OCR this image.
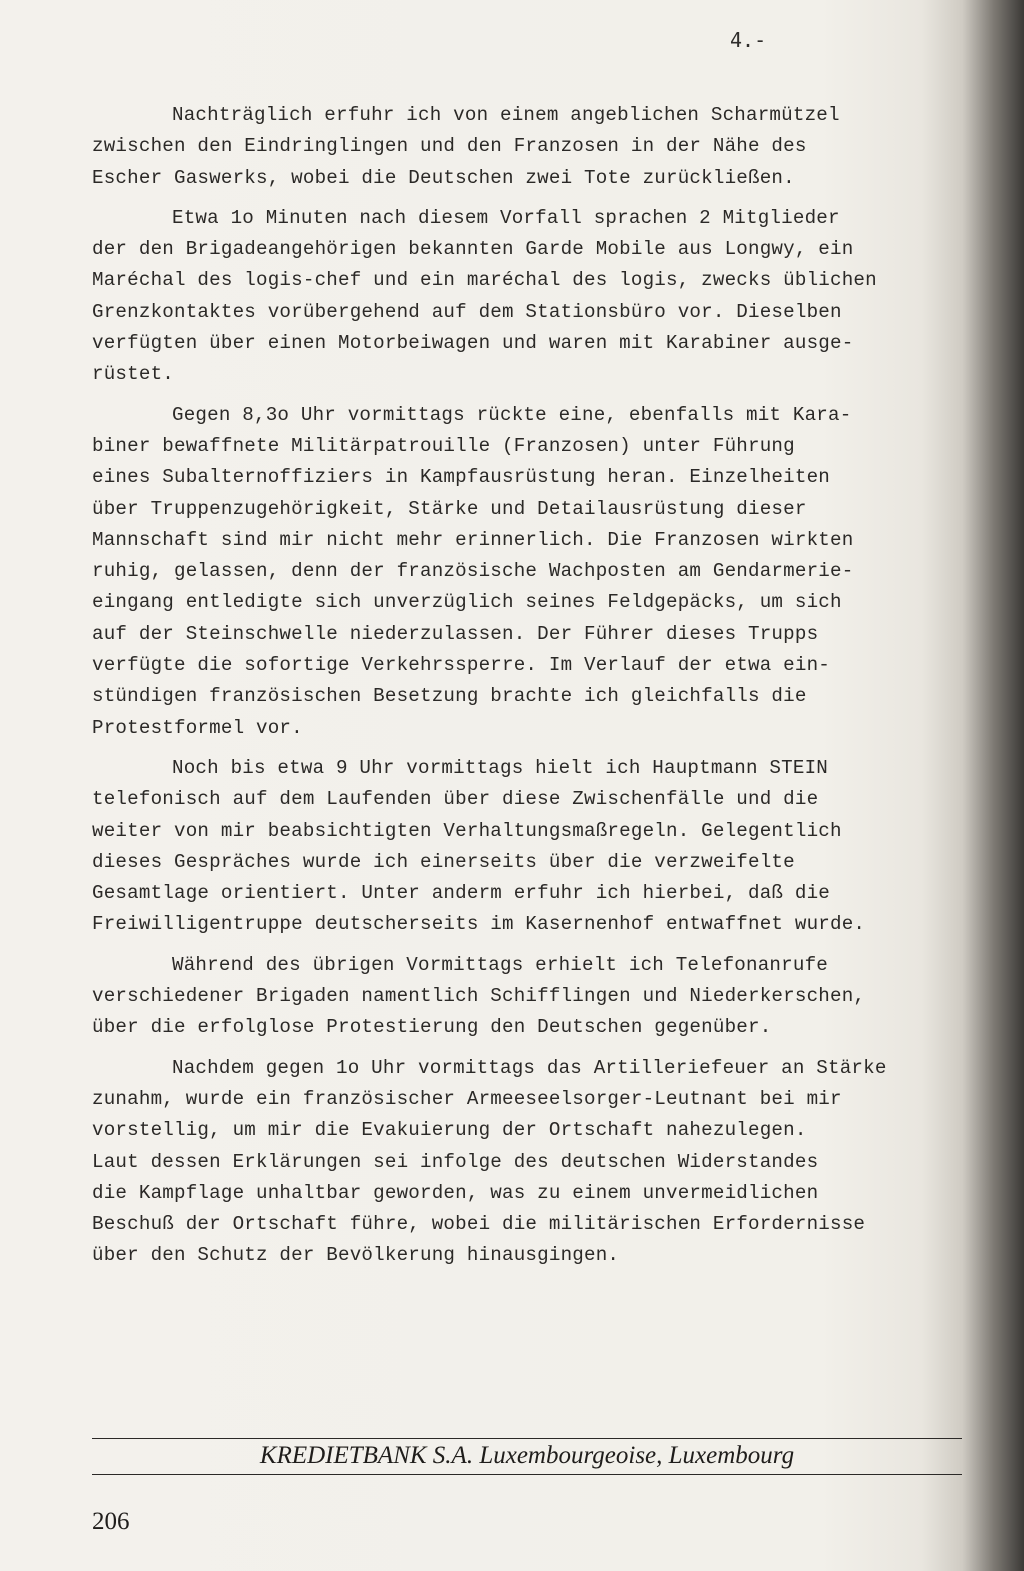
4.-
Nachträglich erfuhr ich von einem angeblichen Scharmützel
zwischen den Eindringlingen und den Franzosen in der Nähe des
Escher Gaswerks, wobei die Deutschen zwei Tote zurückließen.
Etwa 1o Minuten nach diesem Vorfall sprachen 2 Mitglieder
der den Brigadeangehörigen bekannten Garde Mobile aus Longwy, ein
Maréchal des logis-chef und ein maréchal des logis, zwecks üblichen
Grenzkontaktes vorübergehend auf dem Stationsbüro vor. Dieselben
verfügten über einen Motorbeiwagen und waren mit Karabiner ausge-
rüstet.
Gegen 8,3o Uhr vormittags rückte eine, ebenfalls mit Kara-
biner bewaffnete Militärpatrouille (Franzosen) unter Führung
eines Subalternoffiziers in Kampfausrüstung heran. Einzelheiten
über Truppenzugehörigkeit, Stärke und Detailausrüstung dieser
Mannschaft sind mir nicht mehr erinnerlich. Die Franzosen wirkten
ruhig, gelassen, denn der französische Wachposten am Gendarmerie-
eingang entledigte sich unverzüglich seines Feldgepäcks, um sich
auf der Steinschwelle niederzulassen. Der Führer dieses Trupps
verfügte die sofortige Verkehrssperre. Im Verlauf der etwa ein-
stündigen französischen Besetzung brachte ich gleichfalls die
Protestformel vor.
Noch bis etwa 9 Uhr vormittags hielt ich Hauptmann STEIN
telefonisch auf dem Laufenden über diese Zwischenfälle und die
weiter von mir beabsichtigten Verhaltungsmaßregeln. Gelegentlich
dieses Gespräches wurde ich einerseits über die verzweifelte
Gesamtlage orientiert. Unter anderm erfuhr ich hierbei, daß die
Freiwilligentruppe deutscherseits im Kasernenhof entwaffnet wurde.
Während des übrigen Vormittags erhielt ich Telefonanrufe
verschiedener Brigaden namentlich Schifflingen und Niederkerschen,
über die erfolglose Protestierung den Deutschen gegenüber.
Nachdem gegen 1o Uhr vormittags das Artilleriefeuer an Stärke
zunahm, wurde ein französischer Armeeseelsorger-Leutnant bei mir
vorstellig, um mir die Evakuierung der Ortschaft nahezulegen.
Laut dessen Erklärungen sei infolge des deutschen Widerstandes
die Kampflage unhaltbar geworden, was zu einem unvermeidlichen
Beschuß der Ortschaft führe, wobei die militärischen Erfordernisse
über den Schutz der Bevölkerung hinausgingen.
KREDIETBANK S.A. Luxembourgeoise, Luxembourg
206
